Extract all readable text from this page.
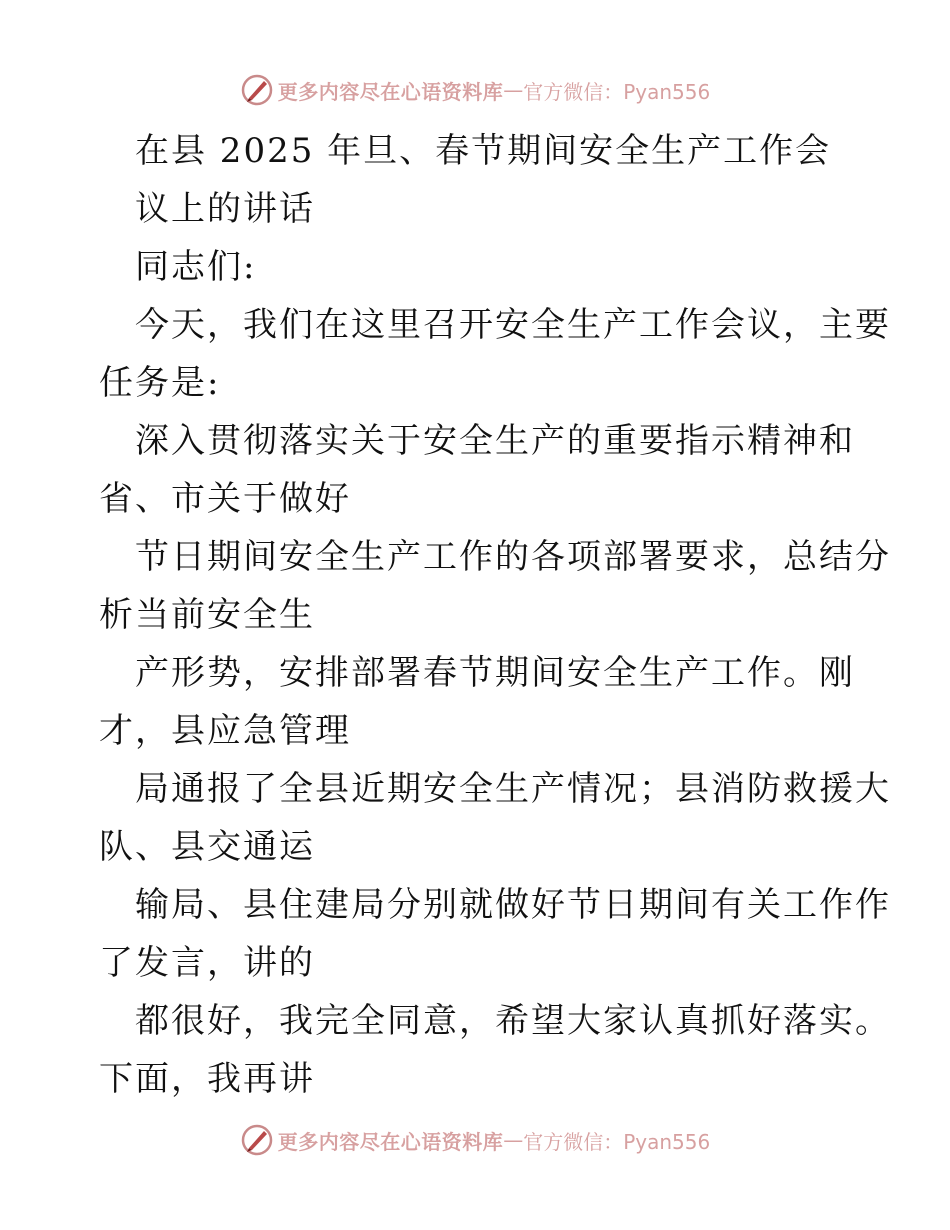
更多内容尽在心语资料库 — 官方微信：Pyan556
在县 2025 年旦、春节期间安全生产工作会
议上的讲话
同志们:
今天，我们在这里召开安全生产工作会议，主要
任务是:
深入贯彻落实关于安全生产的重要指示精神和
省、市关于做好
节日期间安全生产工作的各项部署要求，总结分
析当前安全生
产形势，安排部署春节期间安全生产工作。刚
才，县应急管理
局通报了全县近期安全生产情况；县消防救援大
队、县交通运
输局、县住建局分别就做好节日期间有关工作作
了发言，讲的
都很好，我完全同意，希望大家认真抓好落实。
下面，我再讲
更多内容尽在心语资料库 — 官方微信：Pyan556
